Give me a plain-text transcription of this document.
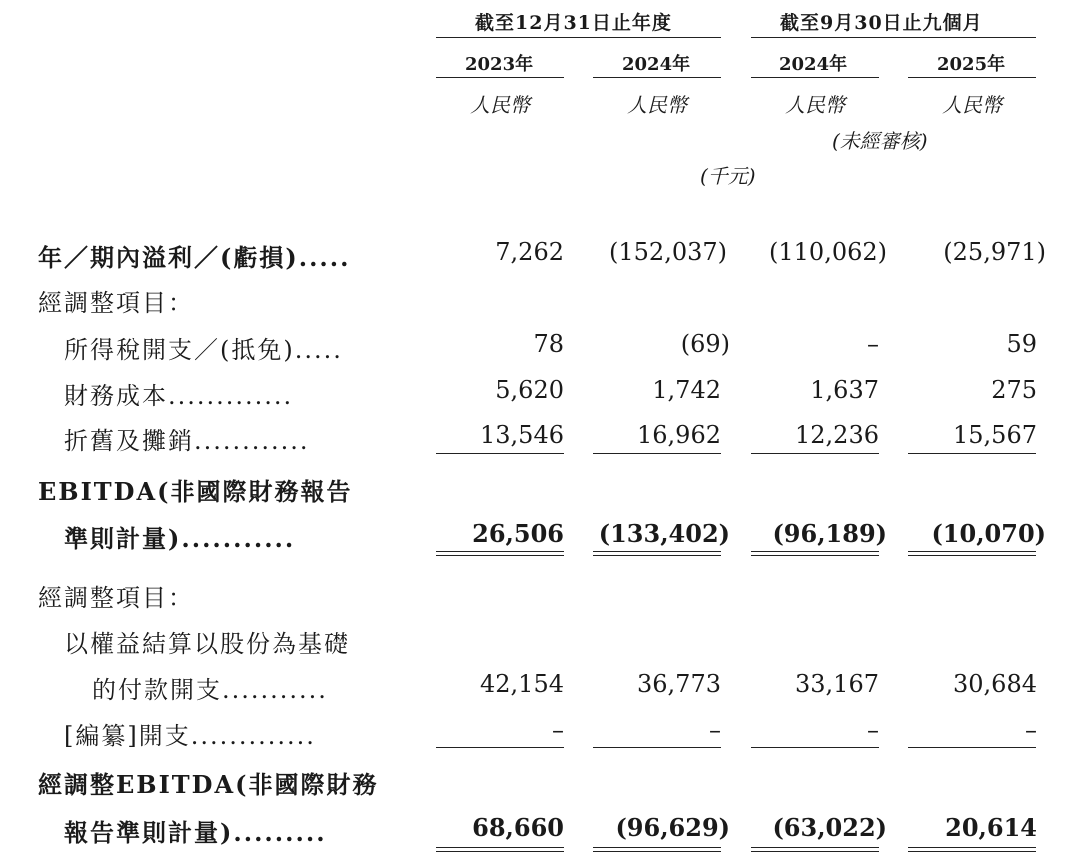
截至12月31日止年度	截至9月30日止九個月
2023年	2024年	2024年	2025年
人民幣	人民幣	人民幣	人民幣
(未經審核)
(千元)
年／期內溢利／(虧損).....	7,262	(152,037)	(110,062)	(25,971)
經調整項目：
所得稅開支／(抵免).....	78	(69)	–	59
財務成本.............	5,620	1,742	1,637	275
折舊及攤銷............	13,546	16,962	12,236	15,567
EBITDA(非國際財務報告
準則計量)...........	26,506	(133,402)	(96,189)	(10,070)
經調整項目：
以權益結算以股份為基礎
的付款開支...........	42,154	36,773	33,167	30,684
[編纂]開支.............	–	–	–	–
經調整EBITDA(非國際財務
報告準則計量).........	68,660	(96,629)	(63,022)	20,614
